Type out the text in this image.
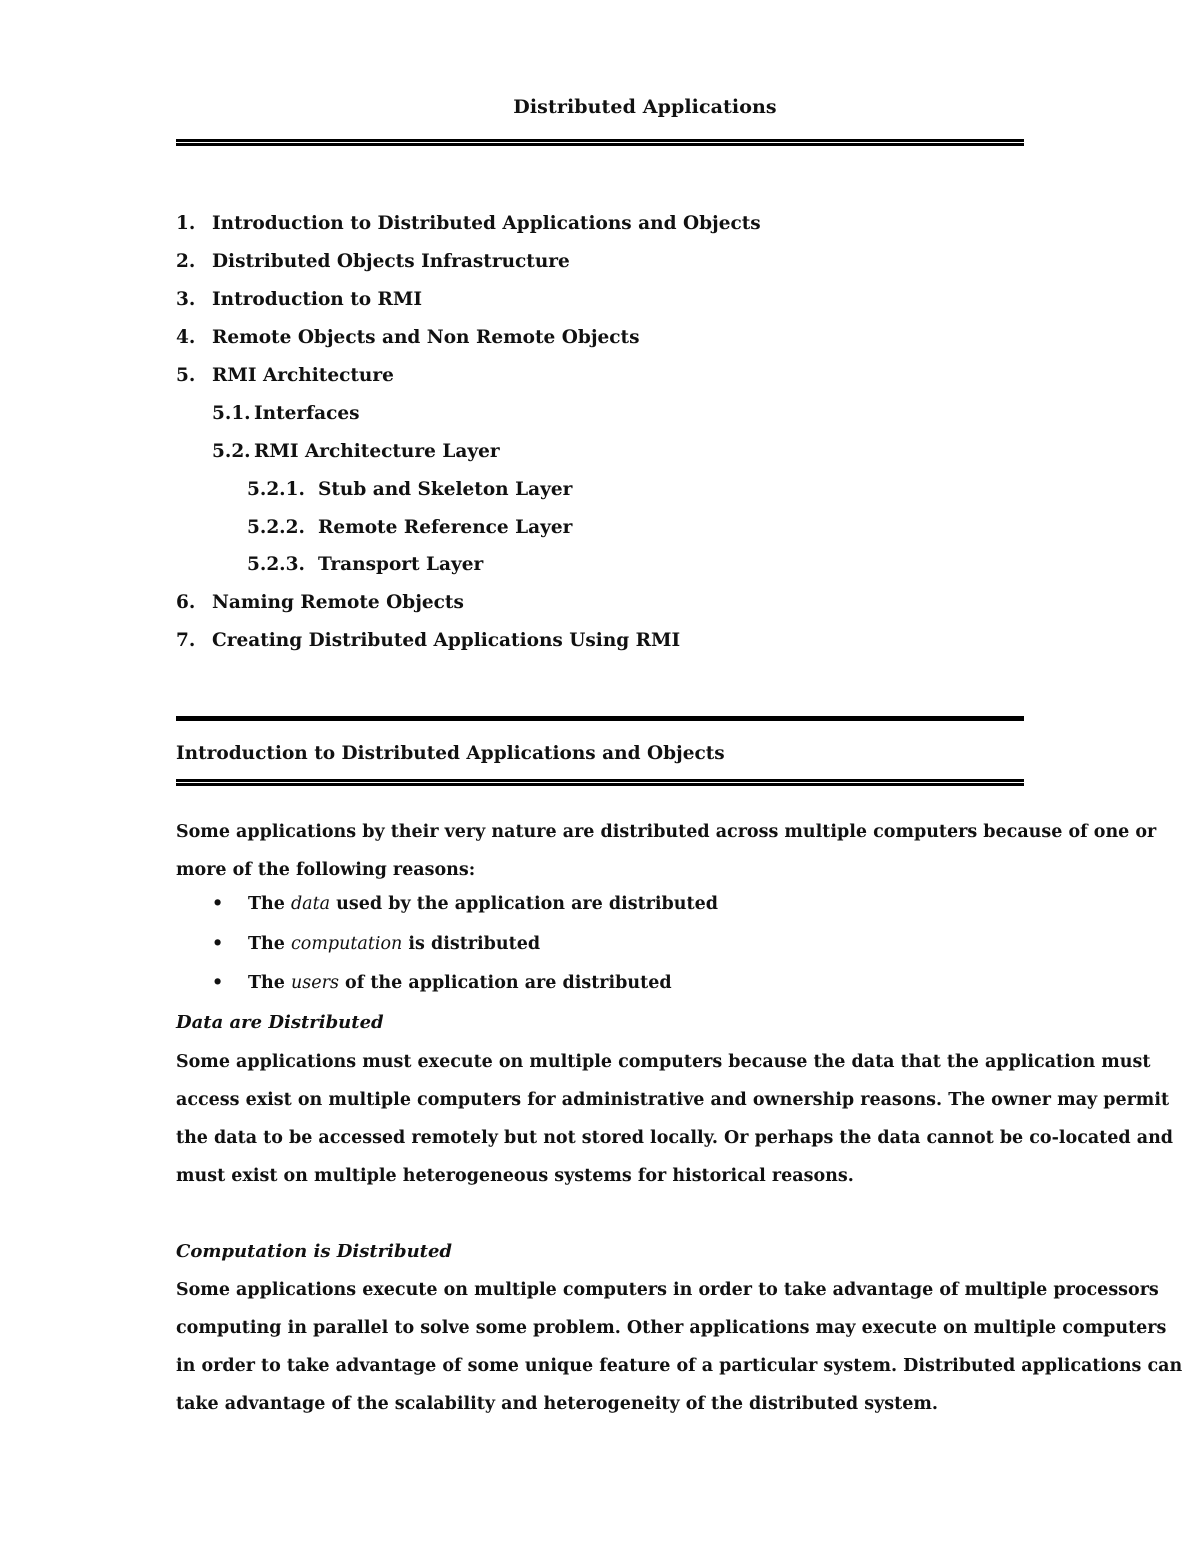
Distributed Applications
1. Introduction to Distributed Applications and Objects
2. Distributed Objects Infrastructure
3. Introduction to RMI
4. Remote Objects and Non Remote Objects
5. RMI Architecture
5.1. Interfaces
5.2. RMI Architecture Layer
5.2.1. Stub and Skeleton Layer
5.2.2. Remote Reference Layer
5.2.3. Transport Layer
6. Naming Remote Objects
7. Creating Distributed Applications Using RMI
Introduction to Distributed Applications and Objects
Some applications by their very nature are distributed across multiple computers because of one or
more of the following reasons:
• The data used by the application are distributed
• The computation is distributed
• The users of the application are distributed
Data are Distributed
Some applications must execute on multiple computers because the data that the application must
access exist on multiple computers for administrative and ownership reasons. The owner may permit
the data to be accessed remotely but not stored locally. Or perhaps the data cannot be co-located and
must exist on multiple heterogeneous systems for historical reasons.
Computation is Distributed
Some applications execute on multiple computers in order to take advantage of multiple processors
computing in parallel to solve some problem. Other applications may execute on multiple computers
in order to take advantage of some unique feature of a particular system. Distributed applications can
take advantage of the scalability and heterogeneity of the distributed system.
